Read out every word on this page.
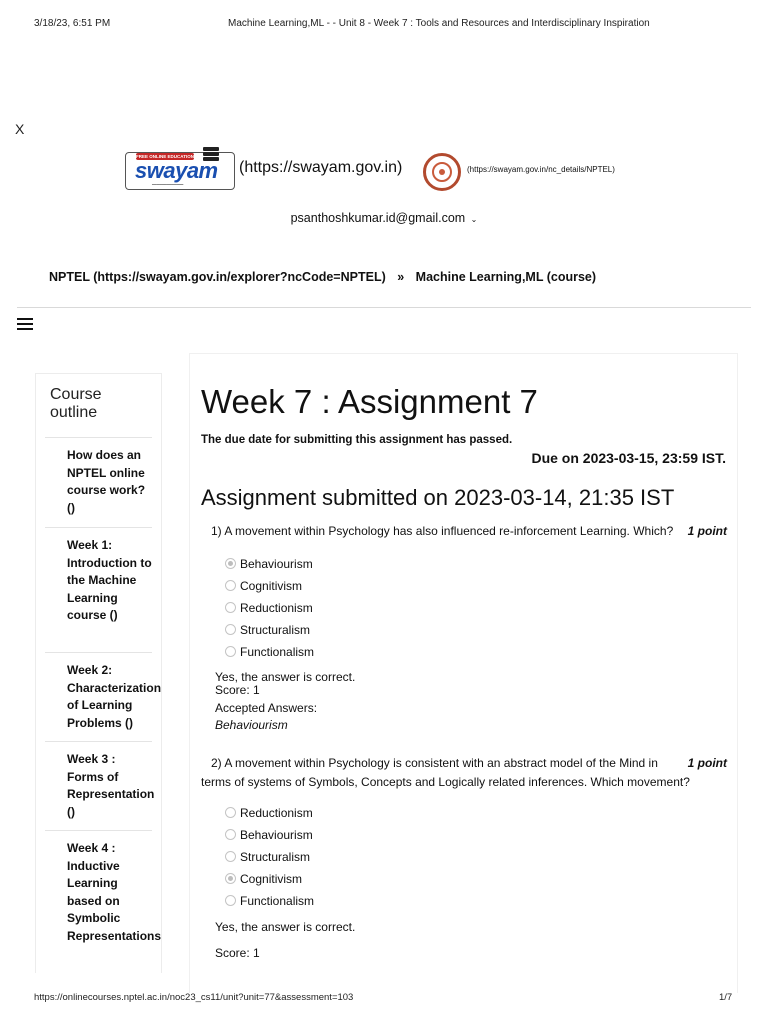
3/18/23, 6:51 PM	Machine Learning,ML - - Unit 8 - Week 7 : Tools and Resources and Interdisciplinary Inspiration
X
FREE ONLINE EDUCATION
swayam
━━━━━━━━━━━━━
(https://swayam.gov.in)	(https://swayam.gov.in/nc_details/NPTEL)
psanthoshkumar.id@gmail.com ⌄
NPTEL (https://swayam.gov.in/explorer?ncCode=NPTEL) » Machine Learning,ML (course)
Course outline
How does an NPTEL online course work? ()
Week 1: Introduction to the Machine Learning course ()
Week 2: Characterization of Learning Problems ()
Week 3 : Forms of Representation ()
Week 4 : Inductive Learning based on Symbolic Representations
Week 7 : Assignment 7
The due date for submitting this assignment has passed.
Due on 2023-03-15, 23:59 IST.
Assignment submitted on 2023-03-14, 21:35 IST
1) A movement within Psychology has also influenced re-inforcement Learning. Which? 1 point
Behaviourism
Cognitivism
Reductionism
Structuralism
Functionalism
Yes, the answer is correct.
Score: 1
Accepted Answers:
Behaviourism
2) A movement within Psychology is consistent with an abstract model of the Mind in
terms of systems of Symbols, Concepts and Logically related inferences. Which movement?
1 point
Reductionism
Behaviourism
Structuralism
Cognitivism
Functionalism
Yes, the answer is correct.
Score: 1
https://onlinecourses.nptel.ac.in/noc23_cs11/unit?unit=77&assessment=103	1/7
